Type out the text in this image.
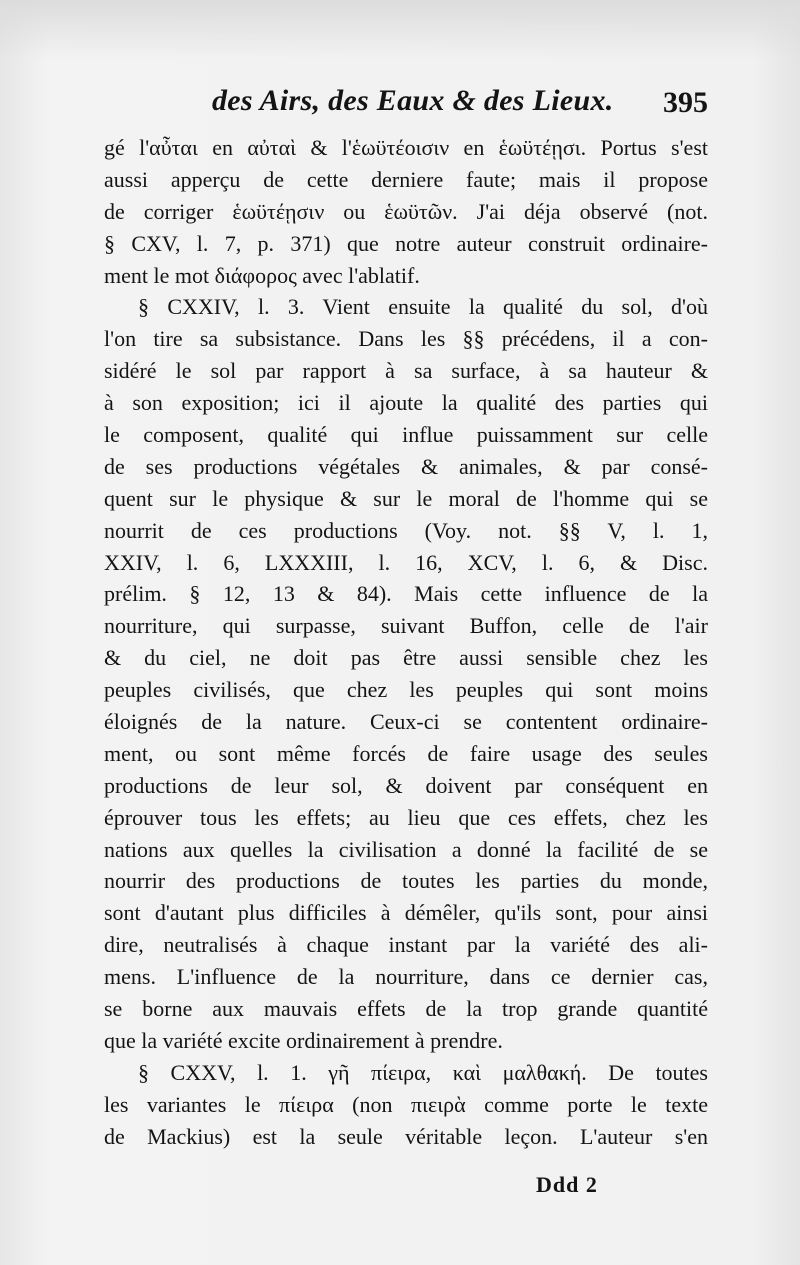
des Airs, des Eaux & des Lieux. 395
gé l'αὖται en αὐταὶ & l'ἑωϋτέοισιν en ἑωϋτέῃσι. Portus s'est
aussi apperçu de cette derniere faute; mais il propose
de corriger ἑωϋτέῃσιν ou ἑωϋτῶν. J'ai déja observé (not.
§ CXV, l. 7, p. 371) que notre auteur construit ordinaire-
ment le mot διάφορος avec l'ablatif.
§ CXXIV, l. 3. Vient ensuite la qualité du sol, d'où
l'on tire sa subsistance. Dans les §§ précédens, il a con-
sidéré le sol par rapport à sa surface, à sa hauteur &
à son exposition; ici il ajoute la qualité des parties qui
le composent, qualité qui influe puissamment sur celle
de ses productions végétales & animales, & par consé-
quent sur le physique & sur le moral de l'homme qui se
nourrit de ces productions (Voy. not. §§ V, l. 1,
XXIV, l. 6, LXXXIII, l. 16, XCV, l. 6, & Disc.
prélim. § 12, 13 & 84). Mais cette influence de la
nourriture, qui surpasse, suivant Buffon, celle de l'air
& du ciel, ne doit pas être aussi sensible chez les
peuples civilisés, que chez les peuples qui sont moins
éloignés de la nature. Ceux-ci se contentent ordinaire-
ment, ou sont même forcés de faire usage des seules
productions de leur sol, & doivent par conséquent en
éprouver tous les effets; au lieu que ces effets, chez les
nations aux quelles la civilisation a donné la facilité de se
nourrir des productions de toutes les parties du monde,
sont d'autant plus difficiles à démêler, qu'ils sont, pour ainsi
dire, neutralisés à chaque instant par la variété des ali-
mens. L'influence de la nourriture, dans ce dernier cas,
se borne aux mauvais effets de la trop grande quantité
que la variété excite ordinairement à prendre.
§ CXXV, l. 1. γῆ πίειρα, καὶ μαλθακή. De toutes
les variantes le πίειρα (non πιειρὰ comme porte le texte
de Mackius) est la seule véritable leçon. L'auteur s'en
Ddd 2
